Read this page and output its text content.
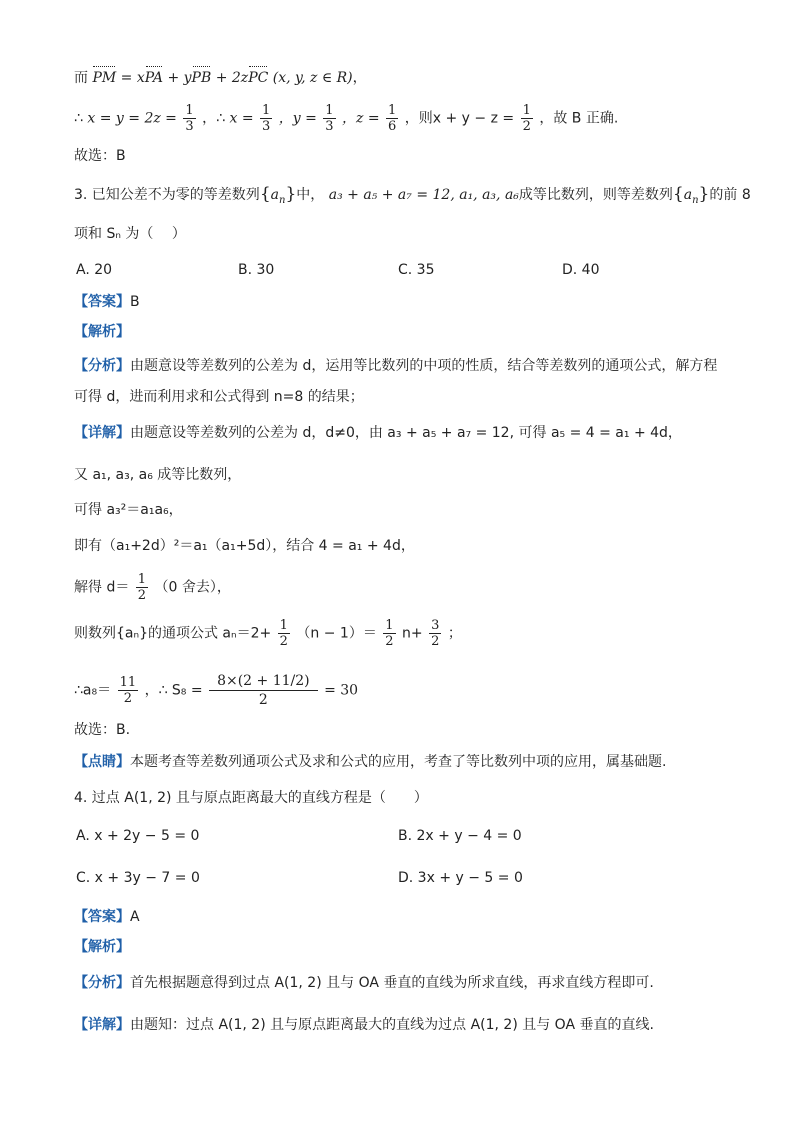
而 PM = xPA + yPB + 2zPC (x, y, z ∈ R)，
∴ $x = y = 2z = \frac{1}{3}$ ，∴ $x = \frac{1}{3}$ ，$y = \frac{1}{3}$ ，$z = \frac{1}{6}$ ，则$x + y - z = \frac{1}{2}$ ，故 B 正确.
故选：B
3. 已知公差不为零的等差数列$\{a_n\}$中， a₃ + a₅ + a₇ = 12, a₁, a₃, a₆成等比数列，则等差数列$\{a_n\}$的前 8
项和 Sₙ 为（　 ）
A. 20	B. 30	C. 35	D. 40
【答案】B
【解析】
【分析】由题意设等差数列的公差为 d，运用等比数列的中项的性质，结合等差数列的通项公式，解方程
可得 d，进而利用求和公式得到 n=8 的结果；
【详解】由题意设等差数列的公差为 d，d≠0，由 a₃ + a₅ + a₇ = 12, 可得 a₅ = 4 = a₁ + 4d，
又 a₁, a₃, a₆ 成等比数列，
可得 a₃²＝a₁a₆，
即有（a₁+2d）²＝a₁（a₁+5d），结合 4 = a₁ + 4d，
解得 $d= \frac{1}{2} (0$ 舍去），
则数列{aₙ}的通项公式 $a_n=2+ \frac{1}{2} (n - 1)= \frac{1}{2} n+ \frac{3}{2}$ ；
∴a₈＝ $\frac{11}{2}$ ，∴ $S_8 = \frac{8\times(2 + 11/2)}{2} = 30$
故选：B.
【点睛】本题考查等差数列通项公式及求和公式的应用，考查了等比数列中项的应用，属基础题.
4. 过点 A(1, 2) 且与原点距离最大的直线方程是（　　）
A. x + 2y − 5 = 0	B. 2x + y − 4 = 0
C. x + 3y − 7 = 0	D. 3x + y − 5 = 0
【答案】A
【解析】
【分析】首先根据题意得到过点 A(1, 2) 且与 OA 垂直的直线为所求直线，再求直线方程即可.
【详解】由题知：过点 A(1, 2) 且与原点距离最大的直线为过点 A(1, 2) 且与 OA 垂直的直线.
